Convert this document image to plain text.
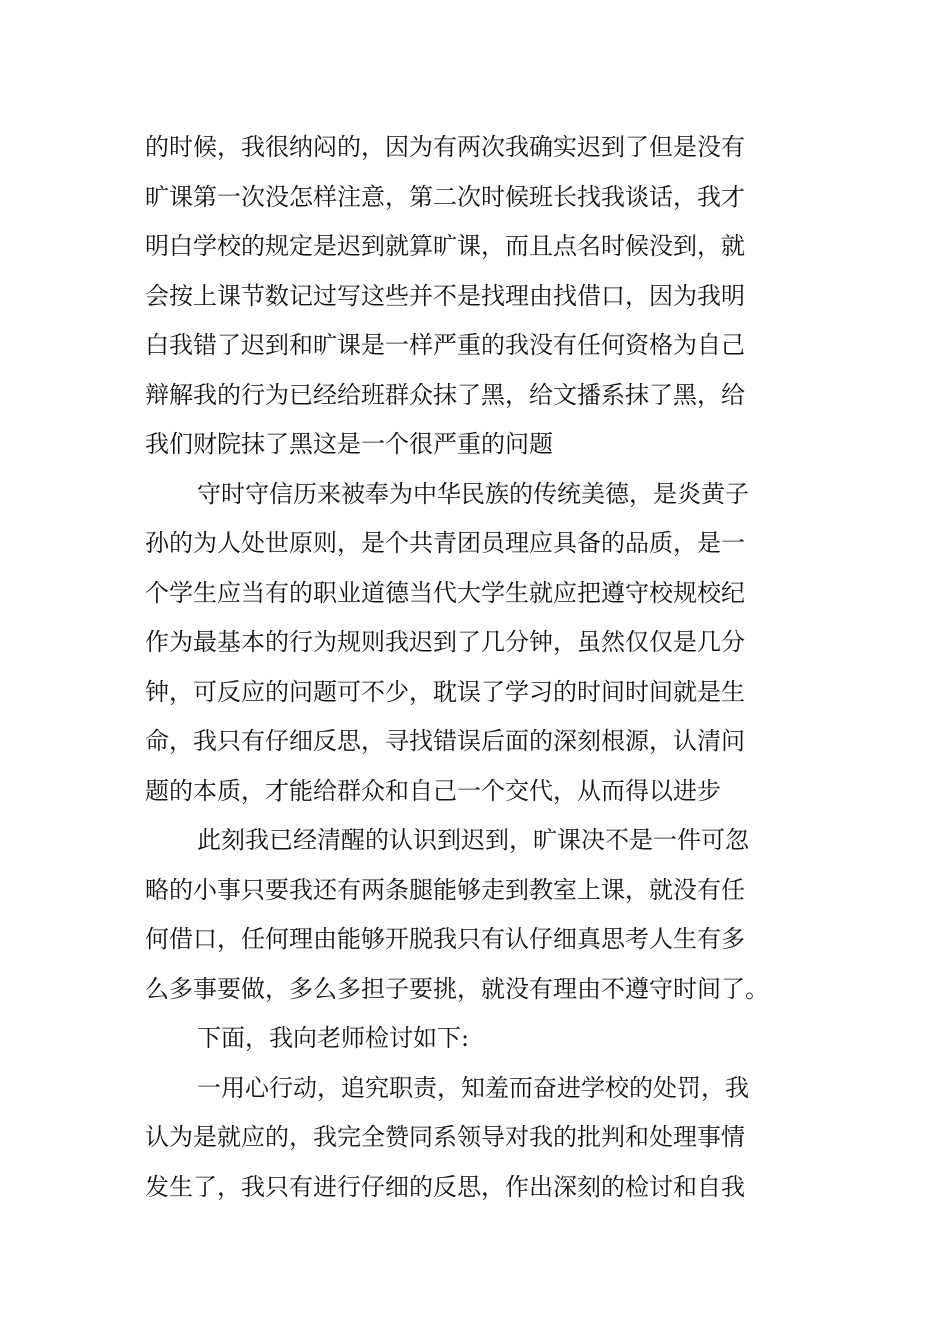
的时候，我很纳闷的，因为有两次我确实迟到了但是没有
旷课第一次没怎样注意，第二次时候班长找我谈话，我才
明白学校的规定是迟到就算旷课，而且点名时候没到，就
会按上课节数记过写这些并不是找理由找借口，因为我明
白我错了迟到和旷课是一样严重的我没有任何资格为自己
辩解我的行为已经给班群众抹了黑，给文播系抹了黑，给
我们财院抹了黑这是一个很严重的问题
守时守信历来被奉为中华民族的传统美德，是炎黄子
孙的为人处世原则，是个共青团员理应具备的品质，是一
个学生应当有的职业道德当代大学生就应把遵守校规校纪
作为最基本的行为规则我迟到了几分钟，虽然仅仅是几分
钟，可反应的问题可不少，耽误了学习的时间时间就是生
命，我只有仔细反思，寻找错误后面的深刻根源，认清问
题的本质，才能给群众和自己一个交代，从而得以进步
此刻我已经清醒的认识到迟到，旷课决不是一件可忽
略的小事只要我还有两条腿能够走到教室上课，就没有任
何借口，任何理由能够开脱我只有认仔细真思考人生有多
么多事要做，多么多担子要挑，就没有理由不遵守时间了。
下面，我向老师检讨如下:
一用心行动，追究职责，知羞而奋进学校的处罚，我
认为是就应的，我完全赞同系领导对我的批判和处理事情
发生了，我只有进行仔细的反思，作出深刻的检讨和自我
